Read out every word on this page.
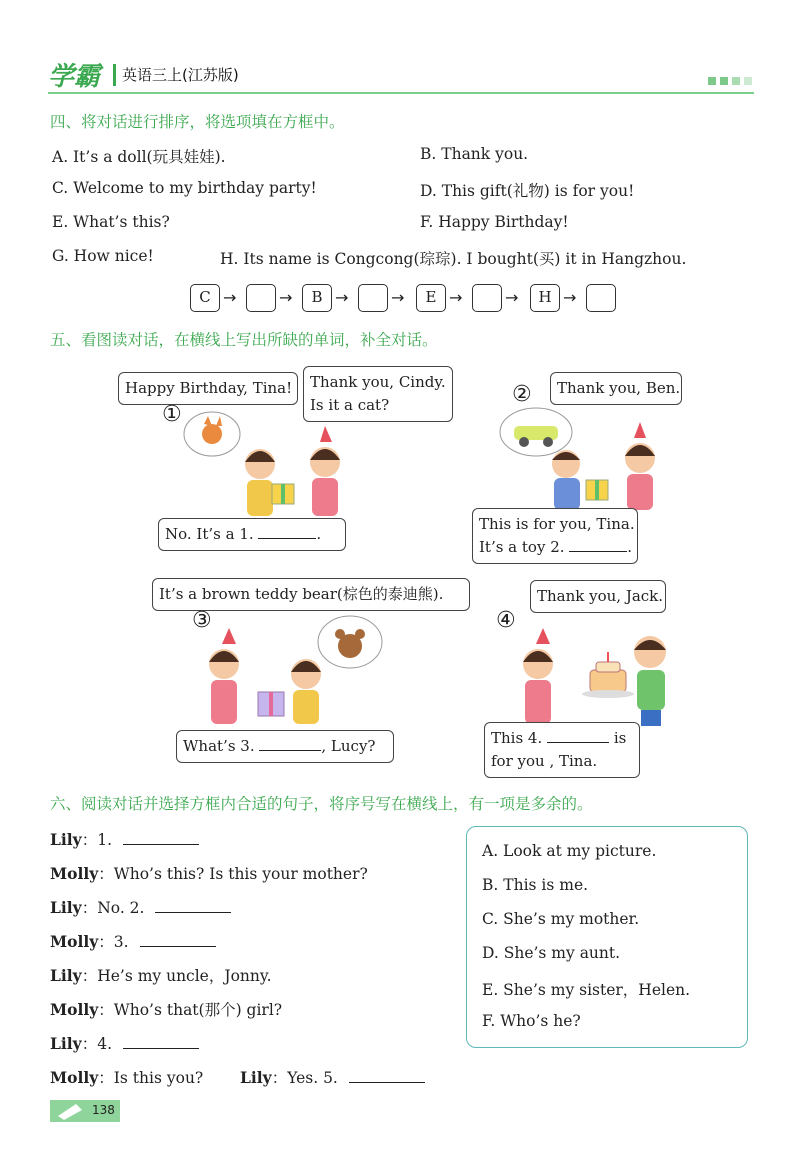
学霸 英语三上(江苏版)
四、将对话进行排序，将选项填在方框中。
A. It’s a doll(玩具娃娃).	B. Thank you.
C. Welcome to my birthday party!	D. This gift(礼物) is for you!
E. What’s this?	F. Happy Birthday!
G. How nice!	H. Its name is Congcong(琮琮). I bought(买) it in Hangzhou.
C →	→	B →	→	E →	→	H →
五、看图读对话，在横线上写出所缺的单词，补全对话。
Happy Birthday, Tina!	Thank you, Cindy.
Is it a cat?
①
No. It’s a 1.	.
②	Thank you, Ben.
This is for you, Tina.
It’s a toy 2.	.
It’s a brown teddy bear(棕色的泰迪熊).
③
What’s 3.	, Lucy?
Thank you, Jack.
④
This 4.	is
for you , Tina.
六、阅读对话并选择方框内合适的句子，将序号写在横线上，有一项是多余的。
Lily：1.
Molly：Who’s this? Is this your mother?
Lily：No. 2.
Molly：3.
Lily：He’s my uncle，Jonny.
Molly：Who’s that(那个) girl?
Lily：4.
Molly：Is this you? Lily：Yes. 5.
A. Look at my picture.
B. This is me.
C. She’s my mother.
D. She’s my aunt.
E. She’s my sister，Helen.
F. Who’s he?
138
